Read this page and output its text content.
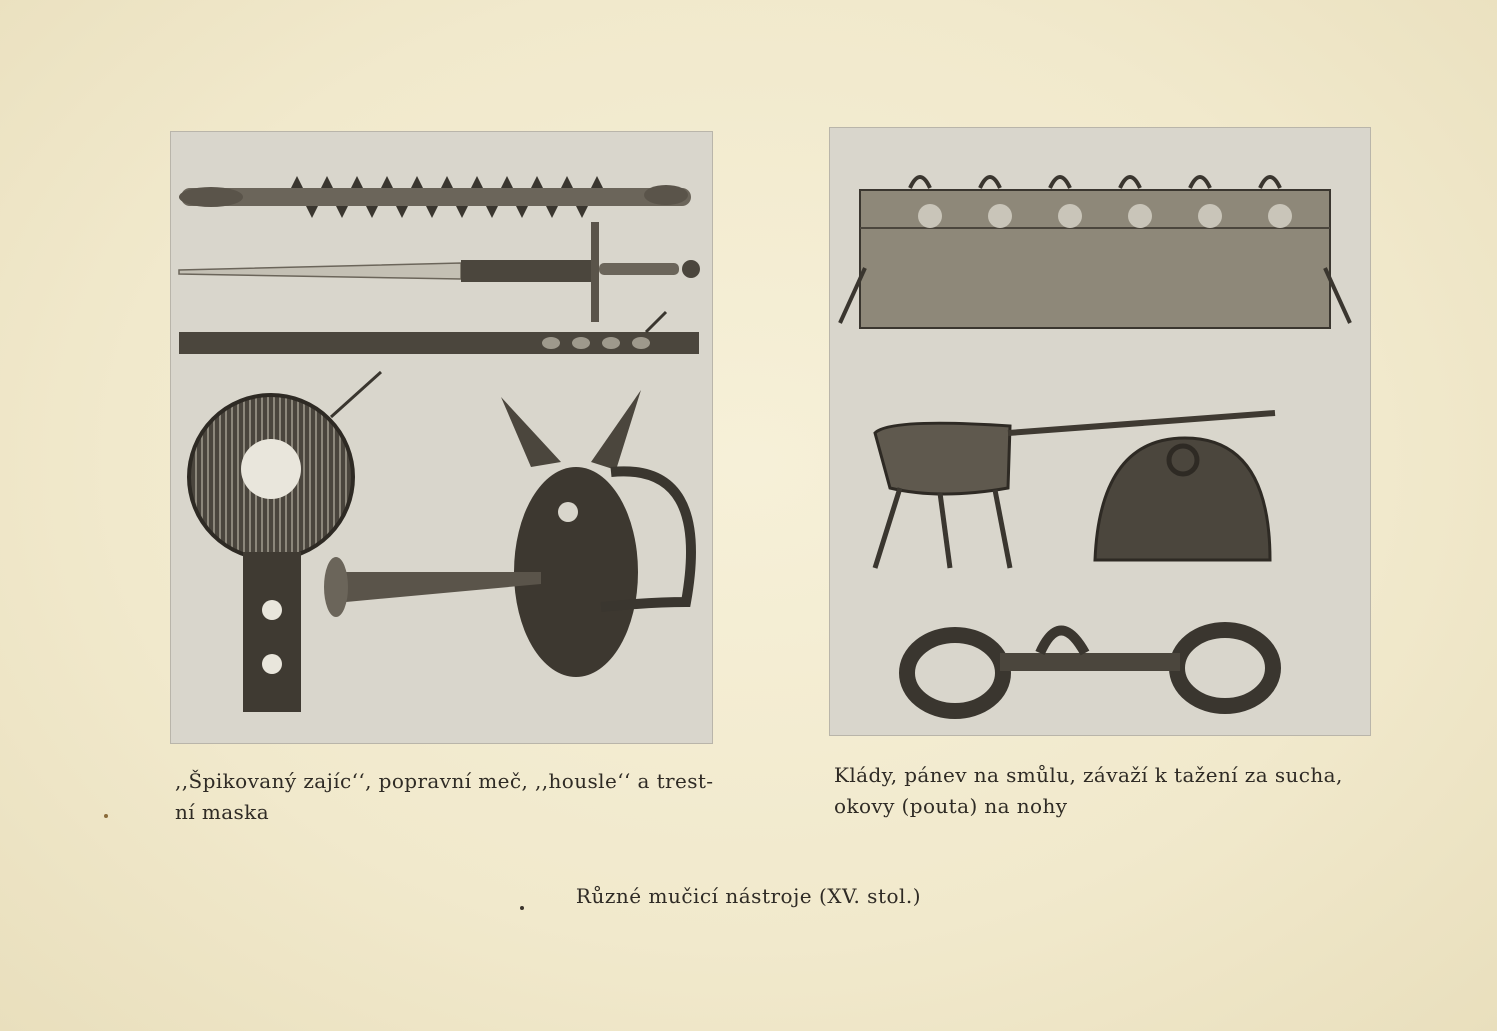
,,Špikovaný zajíc‘‘, popravní meč, ,,housle‘‘ a trest-
ní maska
Klády, pánev na smůlu, závaží k tažení za sucha,
okovy (pouta) na nohy
Různé mučicí nástroje (XV. stol.)
